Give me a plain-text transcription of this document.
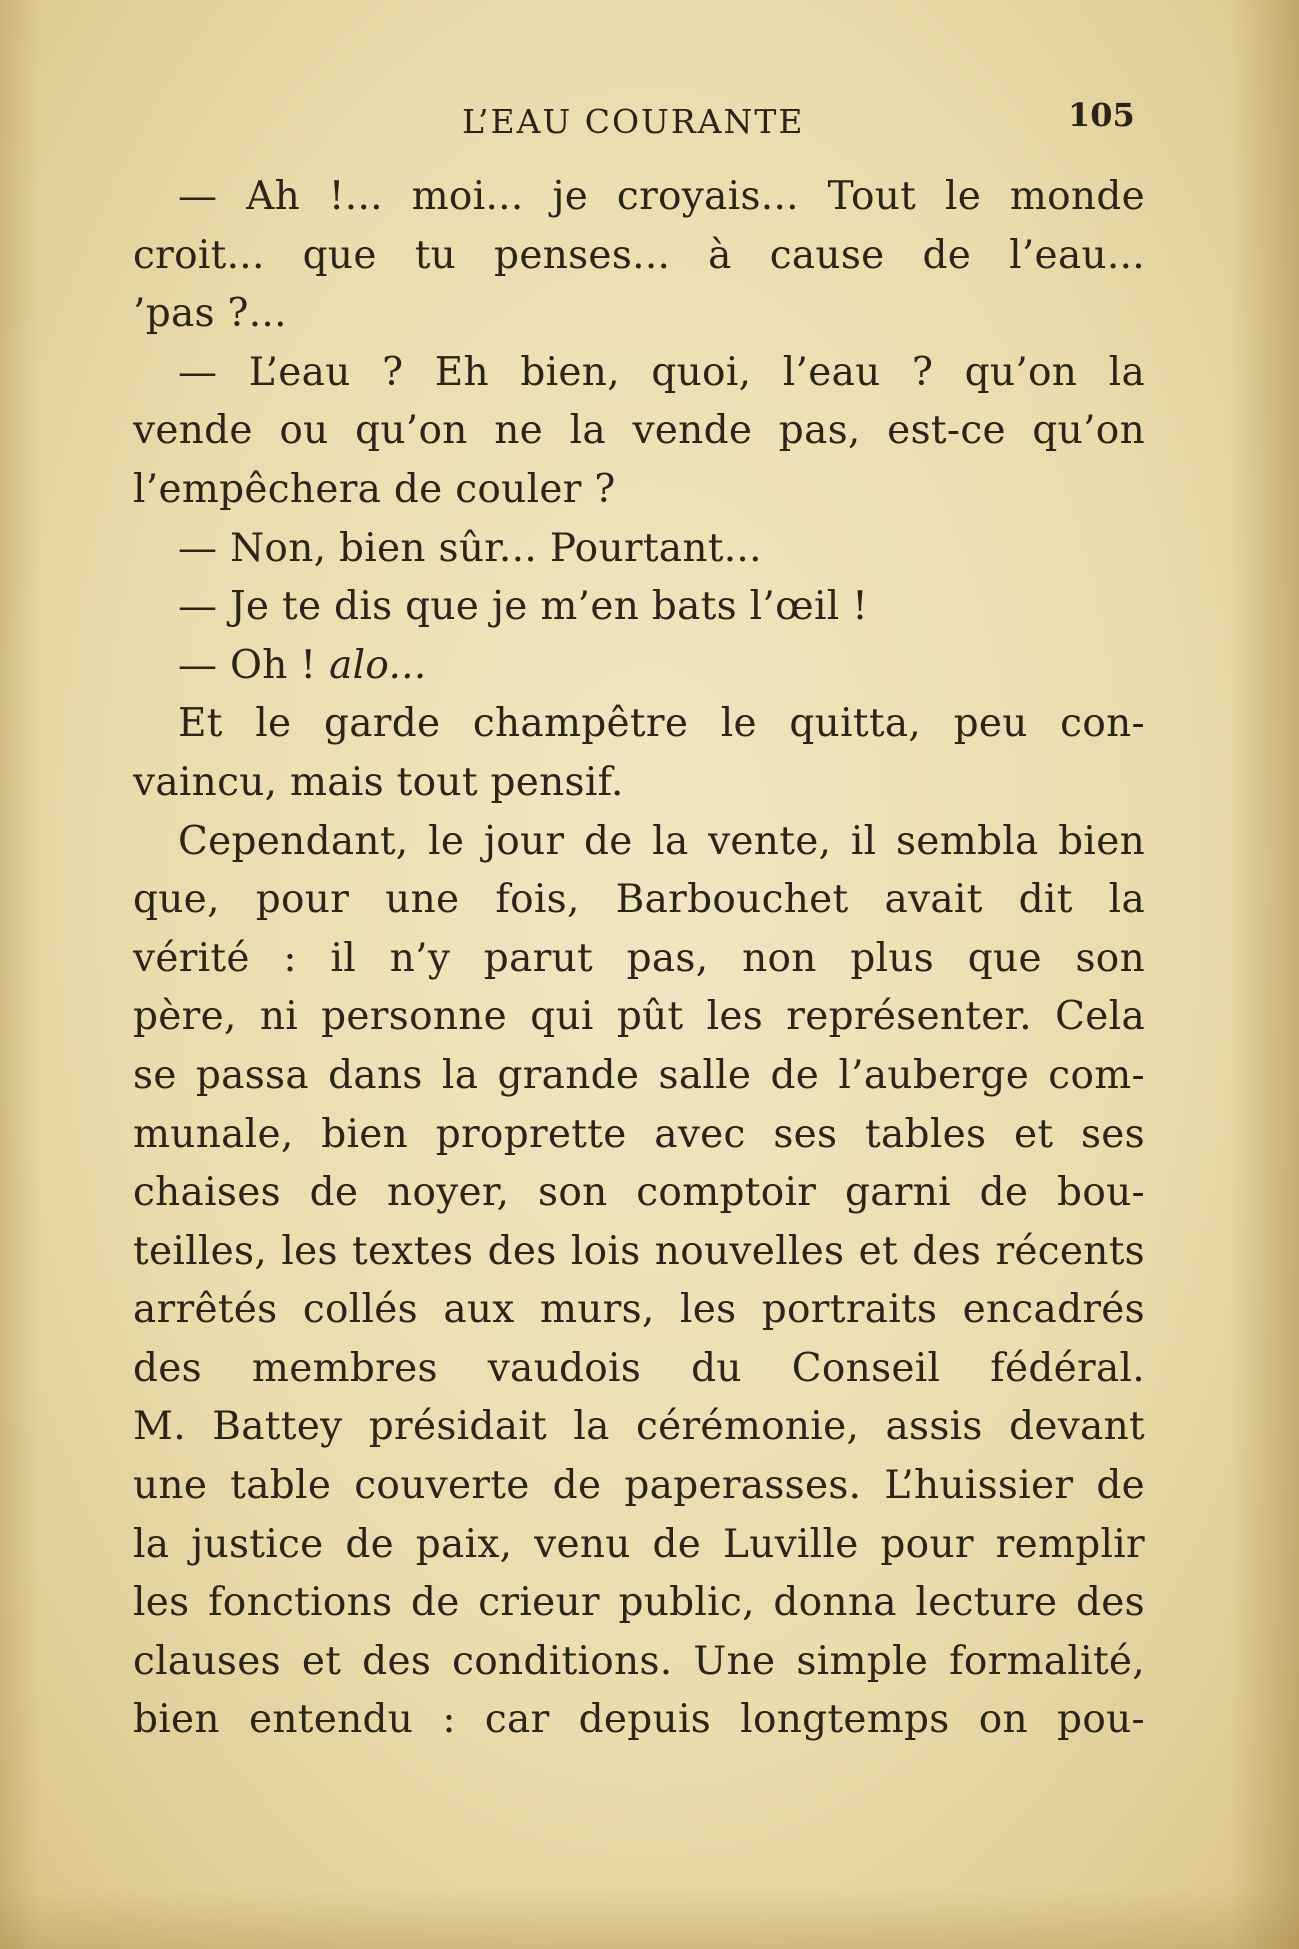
L’EAU COURANTE	105
— Ah !... moi... je croyais... Tout le monde
croit... que tu penses... à cause de l’eau...
’pas ?...
— L’eau ? Eh bien, quoi, l’eau ? qu’on la
vende ou qu’on ne la vende pas, est-ce qu’on
l’empêchera de couler ?
— Non, bien sûr... Pourtant...
— Je te dis que je m’en bats l’œil !
— Oh ! alo...
Et le garde champêtre le quitta, peu con-
vaincu, mais tout pensif.
Cependant, le jour de la vente, il sembla bien
que, pour une fois, Barbouchet avait dit la
vérité : il n’y parut pas, non plus que son
père, ni personne qui pût les représenter. Cela
se passa dans la grande salle de l’auberge com-
munale, bien proprette avec ses tables et ses
chaises de noyer, son comptoir garni de bou-
teilles, les textes des lois nouvelles et des récents
arrêtés collés aux murs, les portraits encadrés
des membres vaudois du Conseil fédéral.
M. Battey présidait la cérémonie, assis devant
une table couverte de paperasses. L’huissier de
la justice de paix, venu de Luville pour remplir
les fonctions de crieur public, donna lecture des
clauses et des conditions. Une simple formalité,
bien entendu : car depuis longtemps on pou-
